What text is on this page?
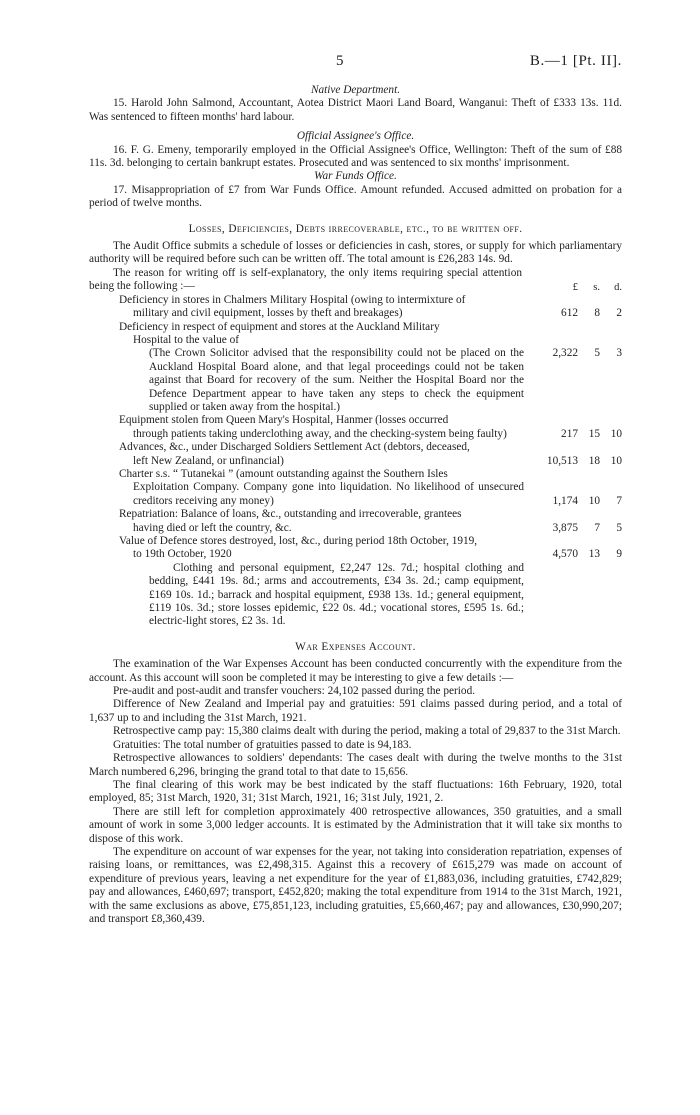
5	B.—1 [Pt. II].

Native Department.

15. Harold John Salmond, Accountant, Aotea District Maori Land Board, Wanganui: Theft of £333 13s. 11d. Was sentenced to fifteen months' hard labour.

Official Assignee's Office.

16. F. G. Emeny, temporarily employed in the Official Assignee's Office, Wellington: Theft of the sum of £88 11s. 3d. belonging to certain bankrupt estates. Prosecuted and was sentenced to six months' imprisonment.

War Funds Office.

17. Misappropriation of £7 from War Funds Office. Amount refunded. Accused admitted on probation for a period of twelve months.

Losses, Deficiencies, Debts irrecoverable, etc., to be written off.

The Audit Office submits a schedule of losses or deficiencies in cash, stores, or supply for which parliamentary authority will be required before such can be written off. The total amount is £26,283 14s. 9d.

The reason for writing off is self-explanatory, the only items requiring special attention being the following :—	£	s.	d.
Deficiency in stores in Chalmers Military Hospital (owing to intermixture of
military and civil equipment, losses by theft and breakages)	612	8	2
Deficiency in respect of equipment and stores at the Auckland Military
Hospital to the value of
2,322	5	3
(The Crown Solicitor advised that the responsibility could not be placed on the Auckland Hospital Board alone, and that legal proceedings could not be taken against that Board for recovery of the sum. Neither the Hospital Board nor the Defence Department appear to have taken any steps to check the equipment supplied or taken away from the hospital.)
Equipment stolen from Queen Mary's Hospital, Hanmer (losses occurred
through patients taking underclothing away, and the checking-system being faulty)	217 15 10
Advances, &c., under Discharged Soldiers Settlement Act (debtors, deceased,
left New Zealand, or unfinancial)	10,513 18 10
Charter s.s. “ Tutanekai ” (amount outstanding against the Southern Isles
Exploitation Company. Company gone into liquidation. No likelihood of unsecured creditors receiving any money)	1,174 10	7
Repatriation: Balance of loans, &c., outstanding and irrecoverable, grantees
having died or left the country, &c.	3,875	7	5
Value of Defence stores destroyed, lost, &c., during period 18th October, 1919,
to 19th October, 1920	4,570 13	9
Clothing and personal equipment, £2,247 12s. 7d.; hospital clothing and bedding, £441 19s. 8d.; arms and accoutrements, £34 3s. 2d.; camp equipment, £169 10s. 1d.; barrack and hospital equipment, £938 13s. 1d.; general equipment, £119 10s. 3d.; store losses epidemic, £22 0s. 4d.; vocational stores, £595 1s. 6d.; electric-light stores, £2 3s. 1d.

War Expenses Account.

The examination of the War Expenses Account has been conducted concurrently with the expenditure from the account. As this account will soon be completed it may be interesting to give a few details :—

Pre-audit and post-audit and transfer vouchers: 24,102 passed during the period.

Difference of New Zealand and Imperial pay and gratuities: 591 claims passed during period, and a total of 1,637 up to and including the 31st March, 1921.

Retrospective camp pay: 15,380 claims dealt with during the period, making a total of 29,837 to the 31st March.

Gratuities: The total number of gratuities passed to date is 94,183.

Retrospective allowances to soldiers' dependants: The cases dealt with during the twelve months to the 31st March numbered 6,296, bringing the grand total to that date to 15,656.

The final clearing of this work may be best indicated by the staff fluctuations: 16th February, 1920, total employed, 85; 31st March, 1920, 31; 31st March, 1921, 16; 31st July, 1921, 2.

There are still left for completion approximately 400 retrospective allowances, 350 gratuities, and a small amount of work in some 3,000 ledger accounts. It is estimated by the Administration that it will take six months to dispose of this work.

The expenditure on account of war expenses for the year, not taking into consideration repatriation, expenses of raising loans, or remittances, was £2,498,315. Against this a recovery of £615,279 was made on account of expenditure of previous years, leaving a net expenditure for the year of £1,883,036, including gratuities, £742,829; pay and allowances, £460,697; transport, £452,820; making the total expenditure from 1914 to the 31st March, 1921, with the same exclusions as above, £75,851,123, including gratuities, £5,660,467; pay and allowances, £30,990,207; and transport £8,360,439.
